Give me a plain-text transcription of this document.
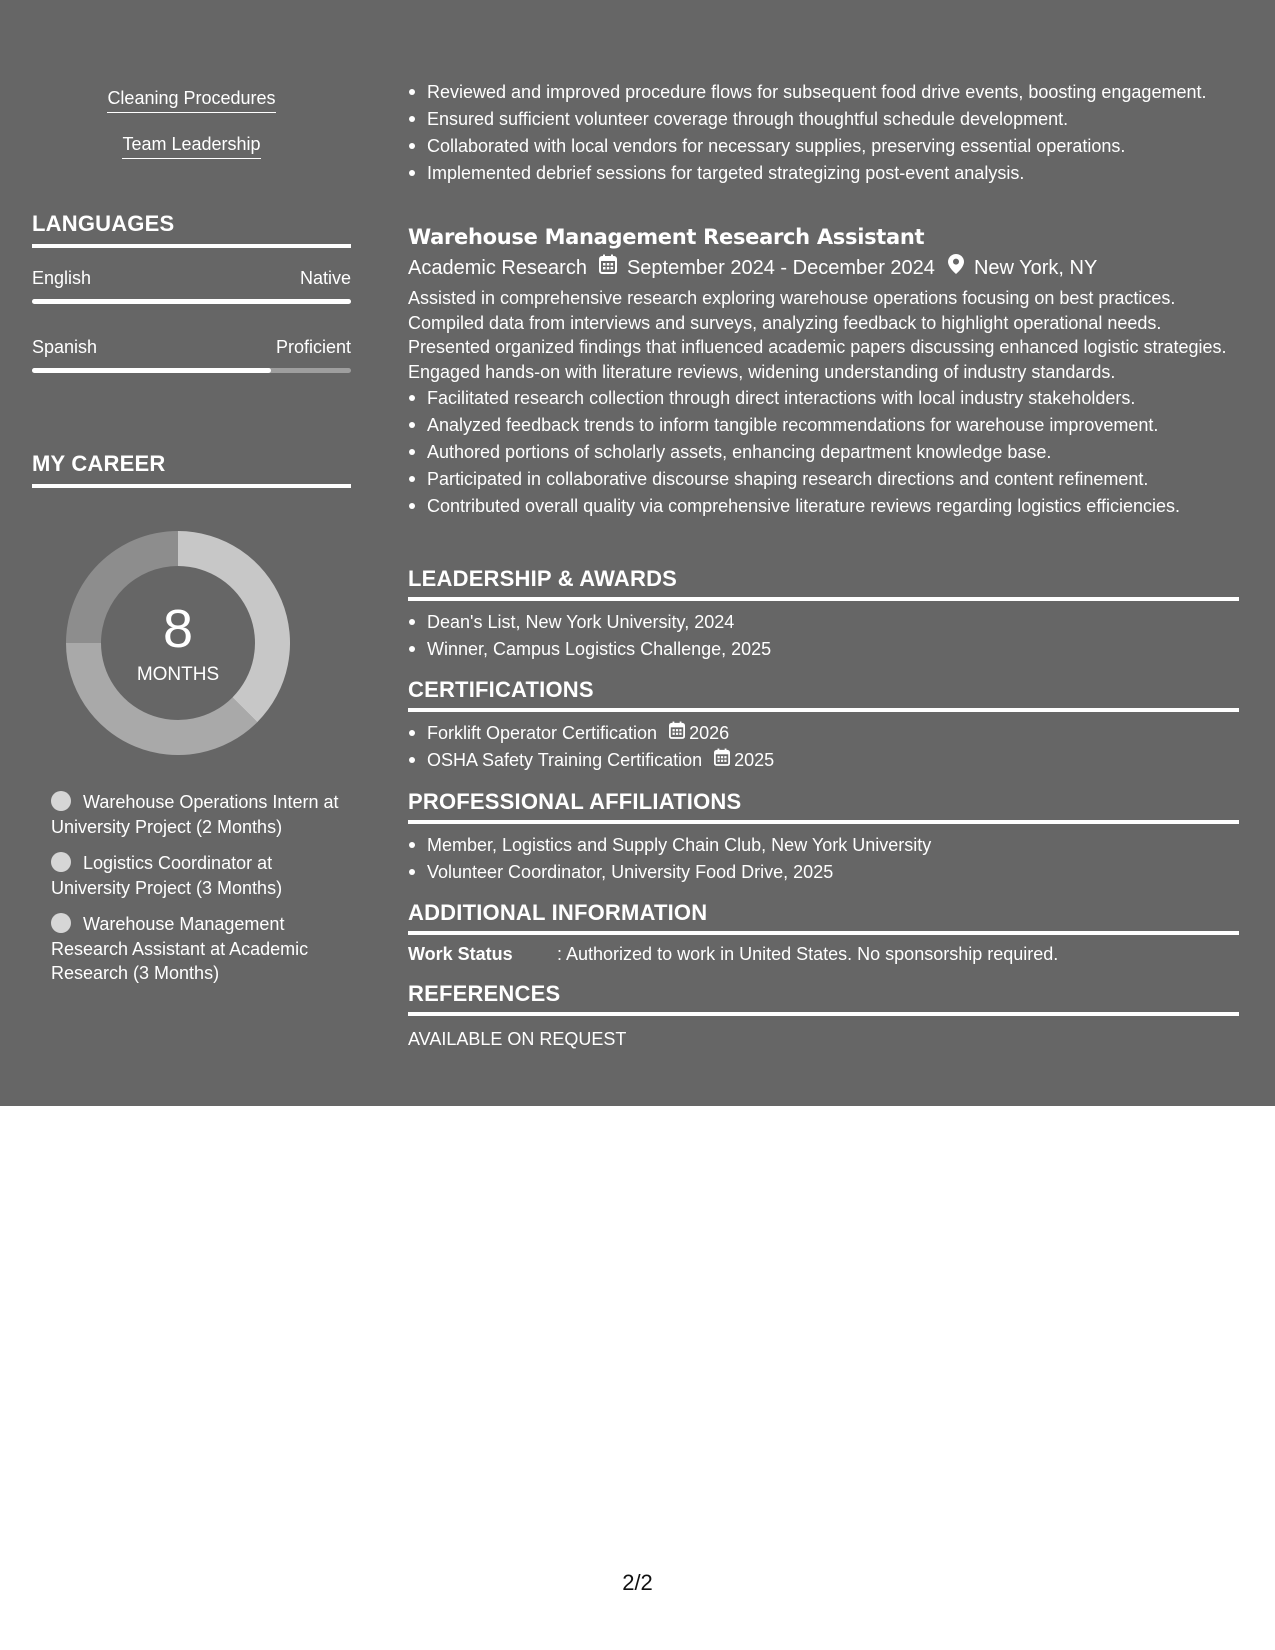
Cleaning Procedures
Team Leadership
LANGUAGES
English	Native
Spanish	Proficient
MY CAREER
8
MONTHS
Warehouse Operations Intern at University Project (2 Months)
Logistics Coordinator at University Project (3 Months)
Warehouse Management Research Assistant at Academic Research (3 Months)
Reviewed and improved procedure flows for subsequent food drive events, boosting engagement.
Ensured sufficient volunteer coverage through thoughtful schedule development.
Collaborated with local vendors for necessary supplies, preserving essential operations.
Implemented debrief sessions for targeted strategizing post-event analysis.
Warehouse Management Research Assistant
Academic Research September 2024 - December 2024 New York, NY
Assisted in comprehensive research exploring warehouse operations focusing on best practices. Compiled data from interviews and surveys, analyzing feedback to highlight operational needs. Presented organized findings that influenced academic papers discussing enhanced logistic strategies. Engaged hands-on with literature reviews, widening understanding of industry standards.
Facilitated research collection through direct interactions with local industry stakeholders.
Analyzed feedback trends to inform tangible recommendations for warehouse improvement.
Authored portions of scholarly assets, enhancing department knowledge base.
Participated in collaborative discourse shaping research directions and content refinement.
Contributed overall quality via comprehensive literature reviews regarding logistics efficiencies.
LEADERSHIP & AWARDS
Dean's List, New York University, 2024
Winner, Campus Logistics Challenge, 2025
CERTIFICATIONS
Forklift Operator Certification 2026
OSHA Safety Training Certification 2025
PROFESSIONAL AFFILIATIONS
Member, Logistics and Supply Chain Club, New York University
Volunteer Coordinator, University Food Drive, 2025
ADDITIONAL INFORMATION
Work Status	: Authorized to work in United States. No sponsorship required.
REFERENCES
AVAILABLE ON REQUEST
2/2
